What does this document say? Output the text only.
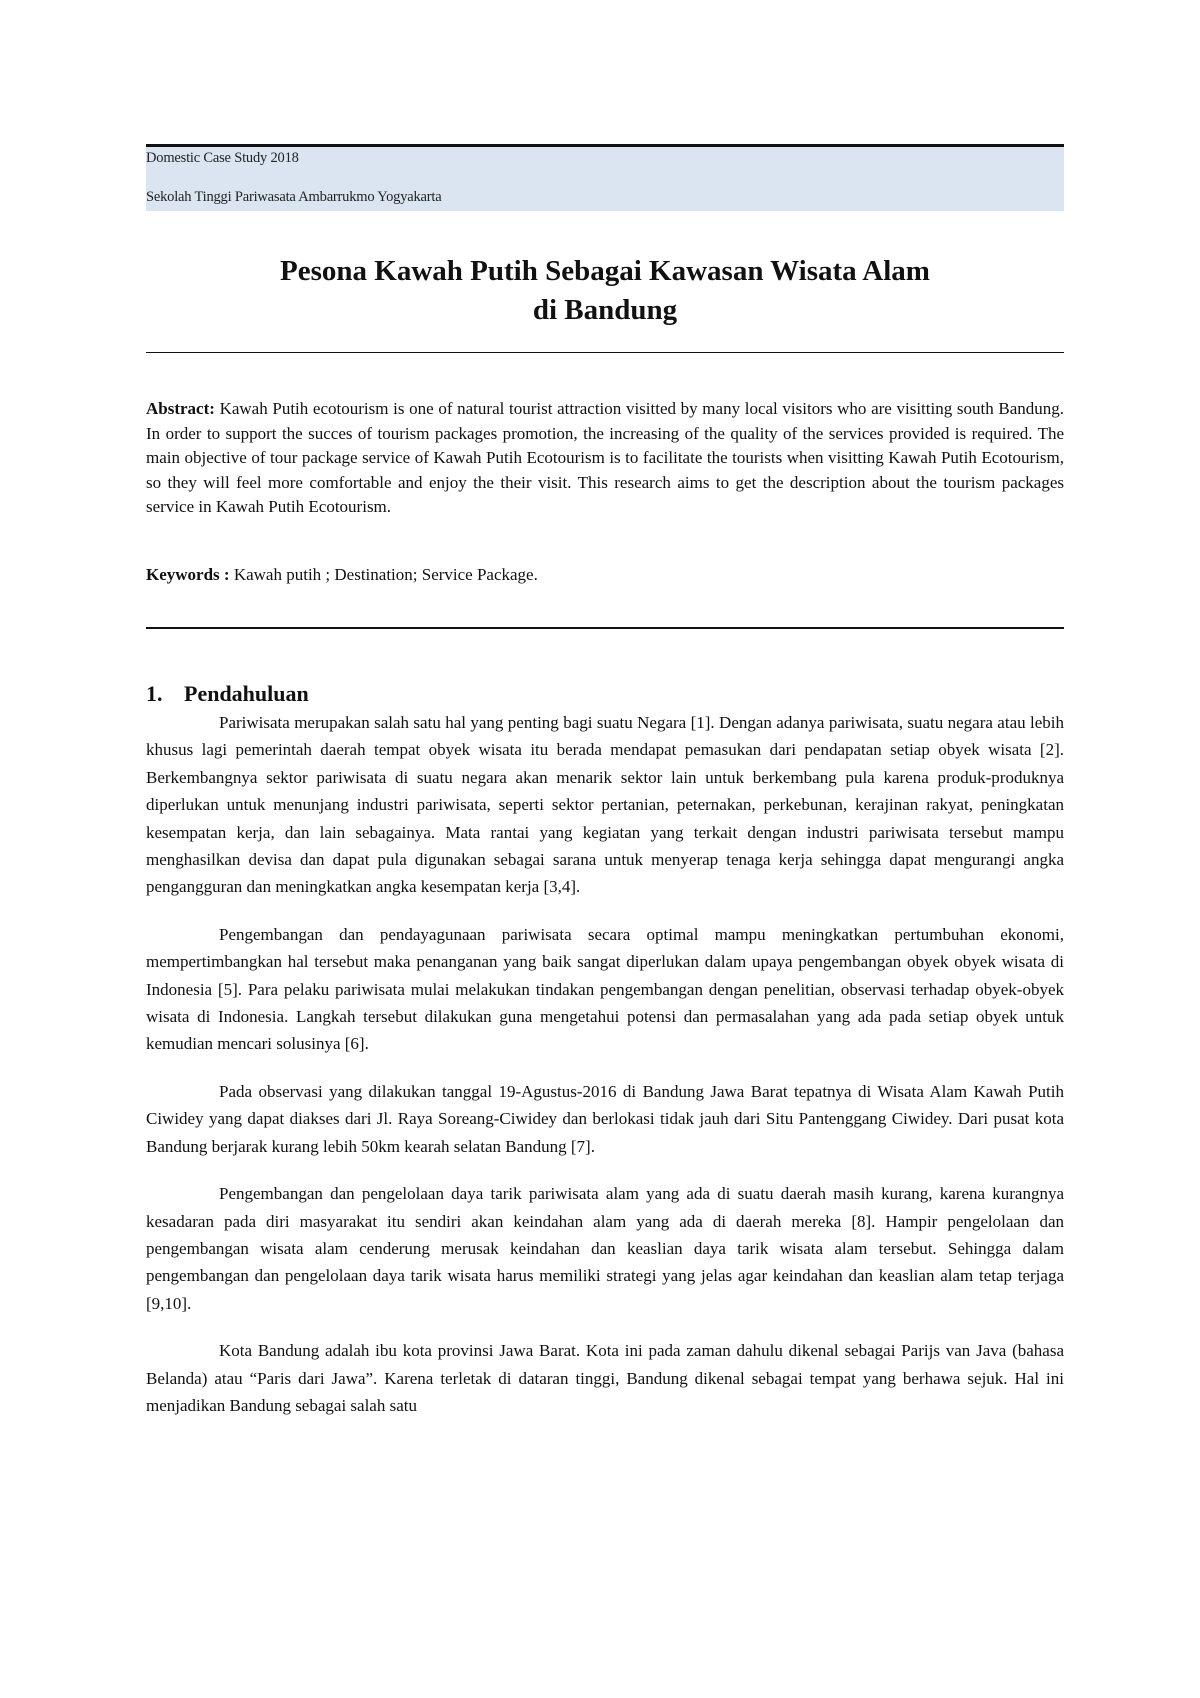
Domestic Case Study 2018
Sekolah Tinggi Pariwasata Ambarrukmo Yogyakarta
Pesona Kawah Putih Sebagai Kawasan Wisata Alam
di Bandung
Abstract: Kawah Putih ecotourism is one of natural tourist attraction visitted by many local visitors who are visitting south Bandung. In order to support the succes of tourism packages promotion, the increasing of the quality of the services provided is required. The main objective of tour package service of Kawah Putih Ecotourism is to facilitate the tourists when visitting Kawah Putih Ecotourism, so they will feel more comfortable and enjoy the their visit. This research aims to get the description about the tourism packages service in Kawah Putih Ecotourism.
Keywords : Kawah putih ; Destination; Service Package.
1. Pendahuluan

Pariwisata merupakan salah satu hal yang penting bagi suatu Negara [1]. Dengan adanya pariwisata, suatu negara atau lebih khusus lagi pemerintah daerah tempat obyek wisata itu berada mendapat pemasukan dari pendapatan setiap obyek wisata [2]. Berkembangnya sektor pariwisata di suatu negara akan menarik sektor lain untuk berkembang pula karena produk-produknya diperlukan untuk menunjang industri pariwisata, seperti sektor pertanian, peternakan, perkebunan, kerajinan rakyat, peningkatan kesempatan kerja, dan lain sebagainya. Mata rantai yang kegiatan yang terkait dengan industri pariwisata tersebut mampu menghasilkan devisa dan dapat pula digunakan sebagai sarana untuk menyerap tenaga kerja sehingga dapat mengurangi angka pengangguran dan meningkatkan angka kesempatan kerja [3,4].

Pengembangan dan pendayagunaan pariwisata secara optimal mampu meningkatkan pertumbuhan ekonomi, mempertimbangkan hal tersebut maka penanganan yang baik sangat diperlukan dalam upaya pengembangan obyek obyek wisata di Indonesia [5]. Para pelaku pariwisata mulai melakukan tindakan pengembangan dengan penelitian, observasi terhadap obyek-obyek wisata di Indonesia. Langkah tersebut dilakukan guna mengetahui potensi dan permasalahan yang ada pada setiap obyek untuk kemudian mencari solusinya [6].

Pada observasi yang dilakukan tanggal 19-Agustus-2016 di Bandung Jawa Barat tepatnya di Wisata Alam Kawah Putih Ciwidey yang dapat diakses dari Jl. Raya Soreang-Ciwidey dan berlokasi tidak jauh dari Situ Pantenggang Ciwidey. Dari pusat kota Bandung berjarak kurang lebih 50km kearah selatan Bandung [7].

Pengembangan dan pengelolaan daya tarik pariwisata alam yang ada di suatu daerah masih kurang, karena kurangnya kesadaran pada diri masyarakat itu sendiri akan keindahan alam yang ada di daerah mereka [8]. Hampir pengelolaan dan pengembangan wisata alam cenderung merusak keindahan dan keaslian daya tarik wisata alam tersebut. Sehingga dalam pengembangan dan pengelolaan daya tarik wisata harus memiliki strategi yang jelas agar keindahan dan keaslian alam tetap terjaga [9,10].

Kota Bandung adalah ibu kota provinsi Jawa Barat. Kota ini pada zaman dahulu dikenal sebagai Parijs van Java (bahasa Belanda) atau “Paris dari Jawa”. Karena terletak di dataran tinggi, Bandung dikenal sebagai tempat yang berhawa sejuk. Hal ini menjadikan Bandung sebagai salah satu
